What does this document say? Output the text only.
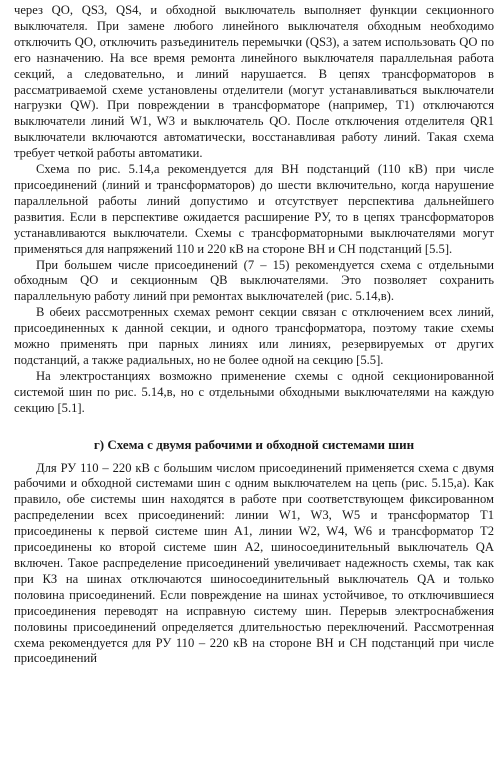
через QO, QS3, QS4, и обходной выключатель выполняет функции секционного выключателя. При замене любого линейного выключателя обходным необходимо отключить QO, отключить разъединитель перемычки (QS3), а затем использовать QO по его назначению. На все время ремонта линейного выключателя параллельная работа секций, а следовательно, и линий нарушается. В цепях трансформаторов в рассматриваемой схеме установлены отделители (могут устанавливаться выключатели нагрузки QW). При повреждении в трансформаторе (например, T1) отключаются выключатели линий W1, W3 и выключатель QO. После отключения отделителя QR1 выключатели включаются автоматически, восстанавливая работу линий. Такая схема требует четкой работы автоматики.

Схема по рис. 5.14,а рекомендуется для ВН подстанций (110 кВ) при числе присоединений (линий и трансформаторов) до шести включительно, когда нарушение параллельной работы линий допустимо и отсутствует перспектива дальнейшего развития. Если в перспективе ожидается расширение РУ, то в цепях трансформаторов устанавливаются выключатели. Схемы с трансформаторными выключателями могут применяться для напряжений 110 и 220 кВ на стороне ВН и СН подстанций [5.5].

При большем числе присоединений (7 – 15) рекомендуется схема с отдельными обходным QO и секционным QB выключателями. Это позволяет сохранить параллельную работу линий при ремонтах выключателей (рис. 5.14,в).

В обеих рассмотренных схемах ремонт секции связан с отключением всех линий, присоединенных к данной секции, и одного трансформатора, поэтому такие схемы можно применять при парных линиях или линиях, резервируемых от других подстанций, а также радиальных, но не более одной на секцию [5.5].

На электростанциях возможно применение схемы с одной секционированной системой шин по рис. 5.14,в, но с отдельными обходными выключателями на каждую секцию [5.1].

г) Схема с двумя рабочими и обходной системами шин

Для РУ 110 – 220 кВ с большим числом присоединений применяется схема с двумя рабочими и обходной системами шин с одним выключателем на цепь (рис. 5.15,а). Как правило, обе системы шин находятся в работе при соответствующем фиксированном распределении всех присоединений: линии W1, W3, W5 и трансформатор T1 присоединены к первой системе шин A1, линии W2, W4, W6 и трансформатор T2 присоединены ко второй системе шин A2, шиносоединительный выключатель QA включен. Такое распределение присоединений увеличивает надежность схемы, так как при КЗ на шинах отключаются шиносоединительный выключатель QA и только половина присоединений. Если повреждение на шинах устойчивое, то отключившиеся присоединения переводят на исправную систему шин. Перерыв электроснабжения половины присоединений определяется длительностью переключений. Рассмотренная схема рекомендуется для РУ 110 – 220 кВ на стороне ВН и СН подстанций при числе присоединений
